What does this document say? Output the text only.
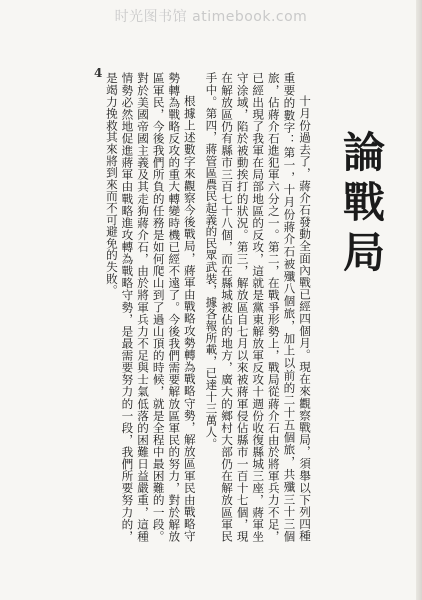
时光图书馆 atimebook.com
4
論戰局

十月份過去了，蔣介石發動全面內戰已經四個月。現在來觀察戰局，須舉以下列四種重要的數字：第一，十月份蔣介石被殲八個旅，加上以前的二十五個旅，共殲三十三個旅，佔蔣介石進犯軍六分之一。第二，在戰爭形勢上，戰局從蔣介石由於將軍兵力不足，已經出現了我軍在局部地區的反攻，這就是黨東解放軍反攻十週份收復縣城三座，蔣軍坐守涂域，陷於被動挨打的狀況。第三，解放區自七月以來被蔣軍侵佔縣市一百十七個，現在解放區仍有縣市三百七十八個，而在縣城被佔的地方，廣大的鄉村大部仍在解放區軍民手中。第四，蔣管區農民起義的民眾武裝，據各報所載，已達十三萬人。

根據上述數字來觀察今後戰局，蔣軍由戰略攻勢轉為戰略守勢，解放區軍民由戰略守勢轉為戰略反攻的重大轉變時機已經不遠了。今後我們需要解放區軍民的努力，對於解放區軍民，今後我們所負的任務是如何爬山到了過山頂的時候，就是全程中最困難的一段。對於美國帝國主義及其走狗蔣介石，由於將軍兵力不足與士氣低落的困難日益嚴重，這種情勢必然地促進蔣軍由戰略進攻轉為戰略守勢，是最需要努力的一段，我們所要努力的，是竭力挽救其來將到來而不可避免的失敗。
